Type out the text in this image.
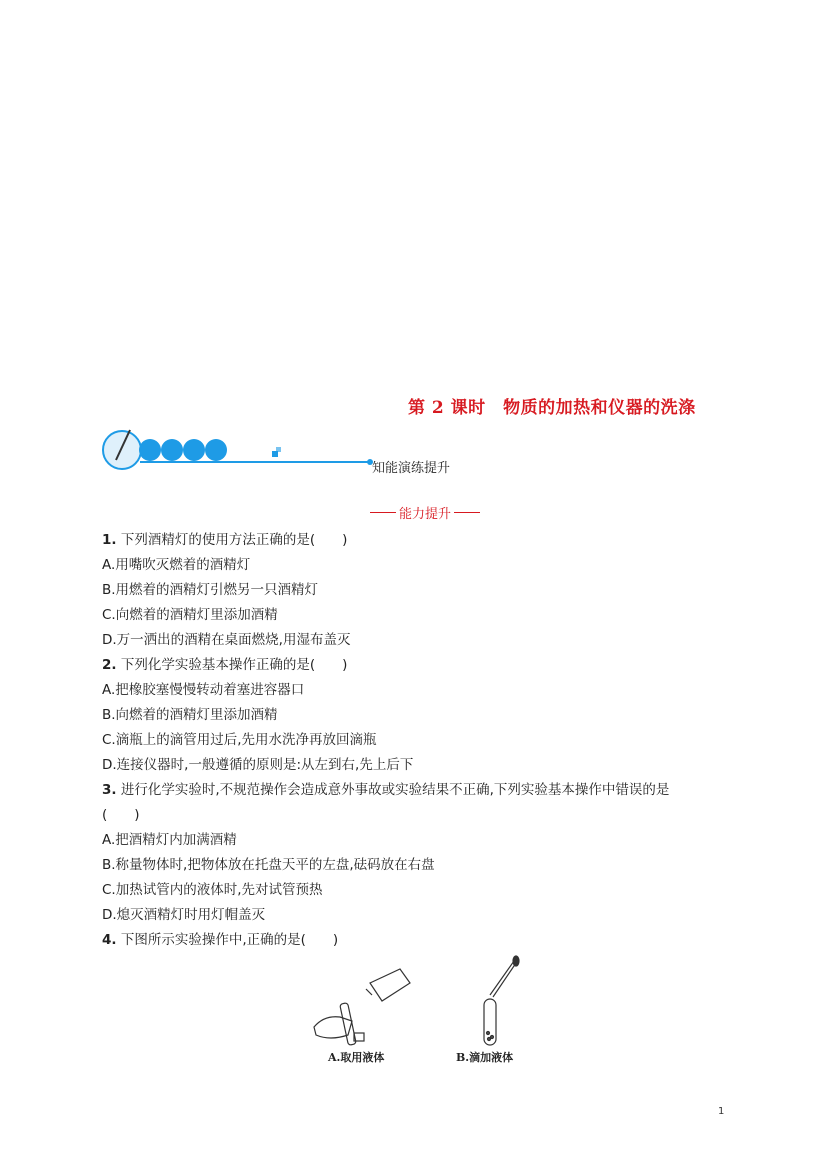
第 2 课时　物质的加热和仪器的洗涤
知能演练提升
能力提升
1. 下列酒精灯的使用方法正确的是(　　)
A.用嘴吹灭燃着的酒精灯
B.用燃着的酒精灯引燃另一只酒精灯
C.向燃着的酒精灯里添加酒精
D.万一洒出的酒精在桌面燃烧,用湿布盖灭
2. 下列化学实验基本操作正确的是(　　)
A.把橡胶塞慢慢转动着塞进容器口
B.向燃着的酒精灯里添加酒精
C.滴瓶上的滴管用过后,先用水洗净再放回滴瓶
D.连接仪器时,一般遵循的原则是:从左到右,先上后下
3. 进行化学实验时,不规范操作会造成意外事故或实验结果不正确,下列实验基本操作中错误的是
(　　)
A.把酒精灯内加满酒精
B.称量物体时,把物体放在托盘天平的左盘,砝码放在右盘
C.加热试管内的液体时,先对试管预热
D.熄灭酒精灯时用灯帽盖灭
4. 下图所示实验操作中,正确的是(　　)
A.取用液体	B.滴加液体
1
